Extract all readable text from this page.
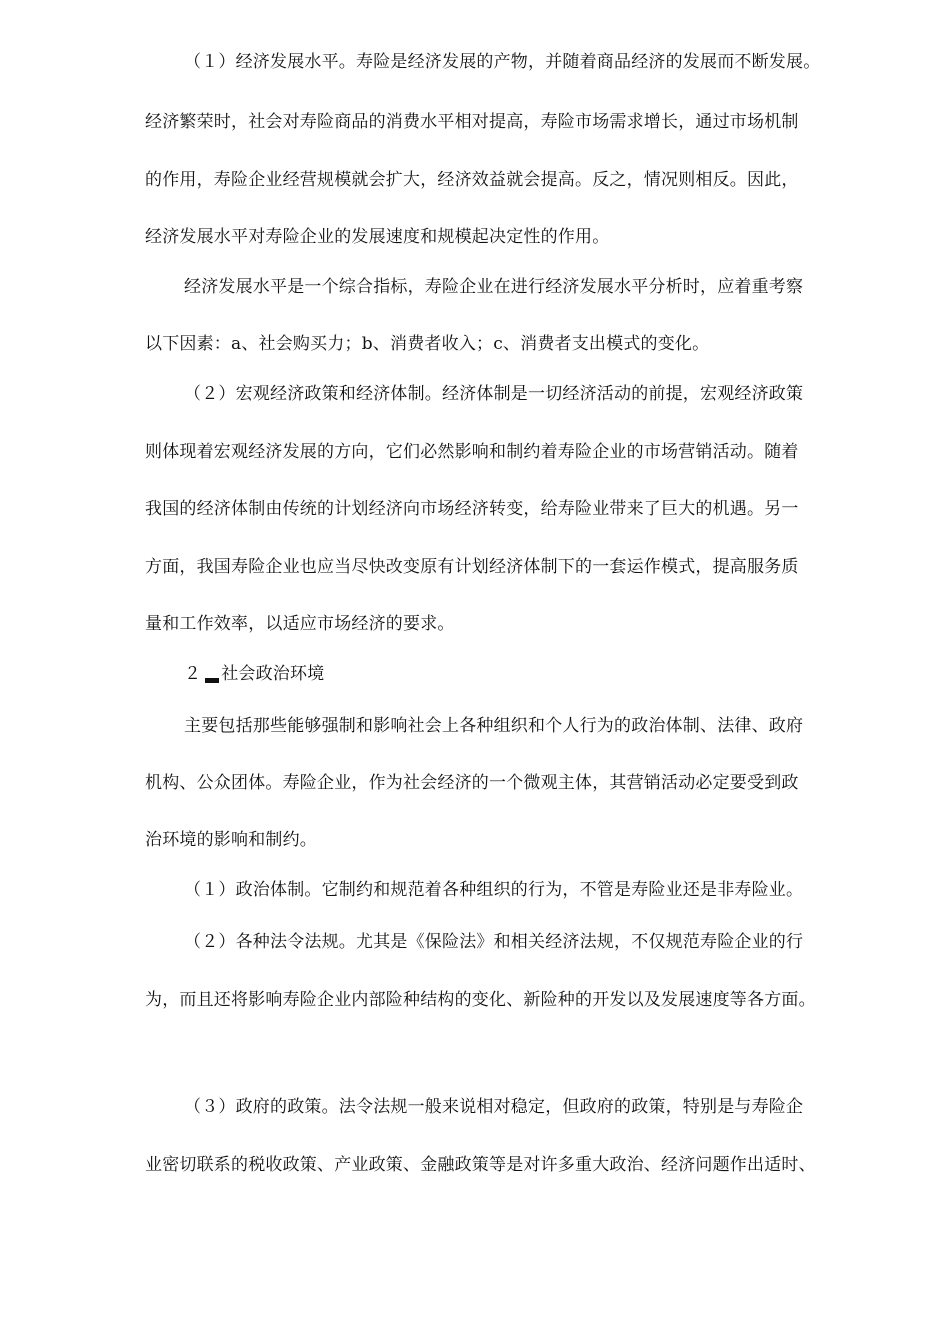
（１）经济发展水平。寿险是经济发展的产物，并随着商品经济的发展而不断发展。
经济繁荣时，社会对寿险商品的消费水平相对提高，寿险市场需求增长，通过市场机制
的作用，寿险企业经营规模就会扩大，经济效益就会提高。反之，情况则相反。因此，
经济发展水平对寿险企业的发展速度和规模起决定性的作用。
经济发展水平是一个综合指标，寿险企业在进行经济发展水平分析时，应着重考察
以下因素：a、社会购买力；b、消费者收入；c、消费者支出模式的变化。
（２）宏观经济政策和经济体制。经济体制是一切经济活动的前提，宏观经济政策
则体现着宏观经济发展的方向，它们必然影响和制约着寿险企业的市场营销活动。随着
我国的经济体制由传统的计划经济向市场经济转变，给寿险业带来了巨大的机遇。另一
方面，我国寿险企业也应当尽快改变原有计划经济体制下的一套运作模式，提高服务质
量和工作效率，以适应市场经济的要求。
２ 社会政治环境
主要包括那些能够强制和影响社会上各种组织和个人行为的政治体制、法律、政府
机构、公众团体。寿险企业，作为社会经济的一个微观主体，其营销活动必定要受到政
治环境的影响和制约。
（１）政治体制。它制约和规范着各种组织的行为，不管是寿险业还是非寿险业。
（２）各种法令法规。尤其是《保险法》和相关经济法规，不仅规范寿险企业的行
为，而且还将影响寿险企业内部险种结构的变化、新险种的开发以及发展速度等各方面。
（３）政府的政策。法令法规一般来说相对稳定，但政府的政策，特别是与寿险企
业密切联系的税收政策、产业政策、金融政策等是对许多重大政治、经济问题作出适时、
